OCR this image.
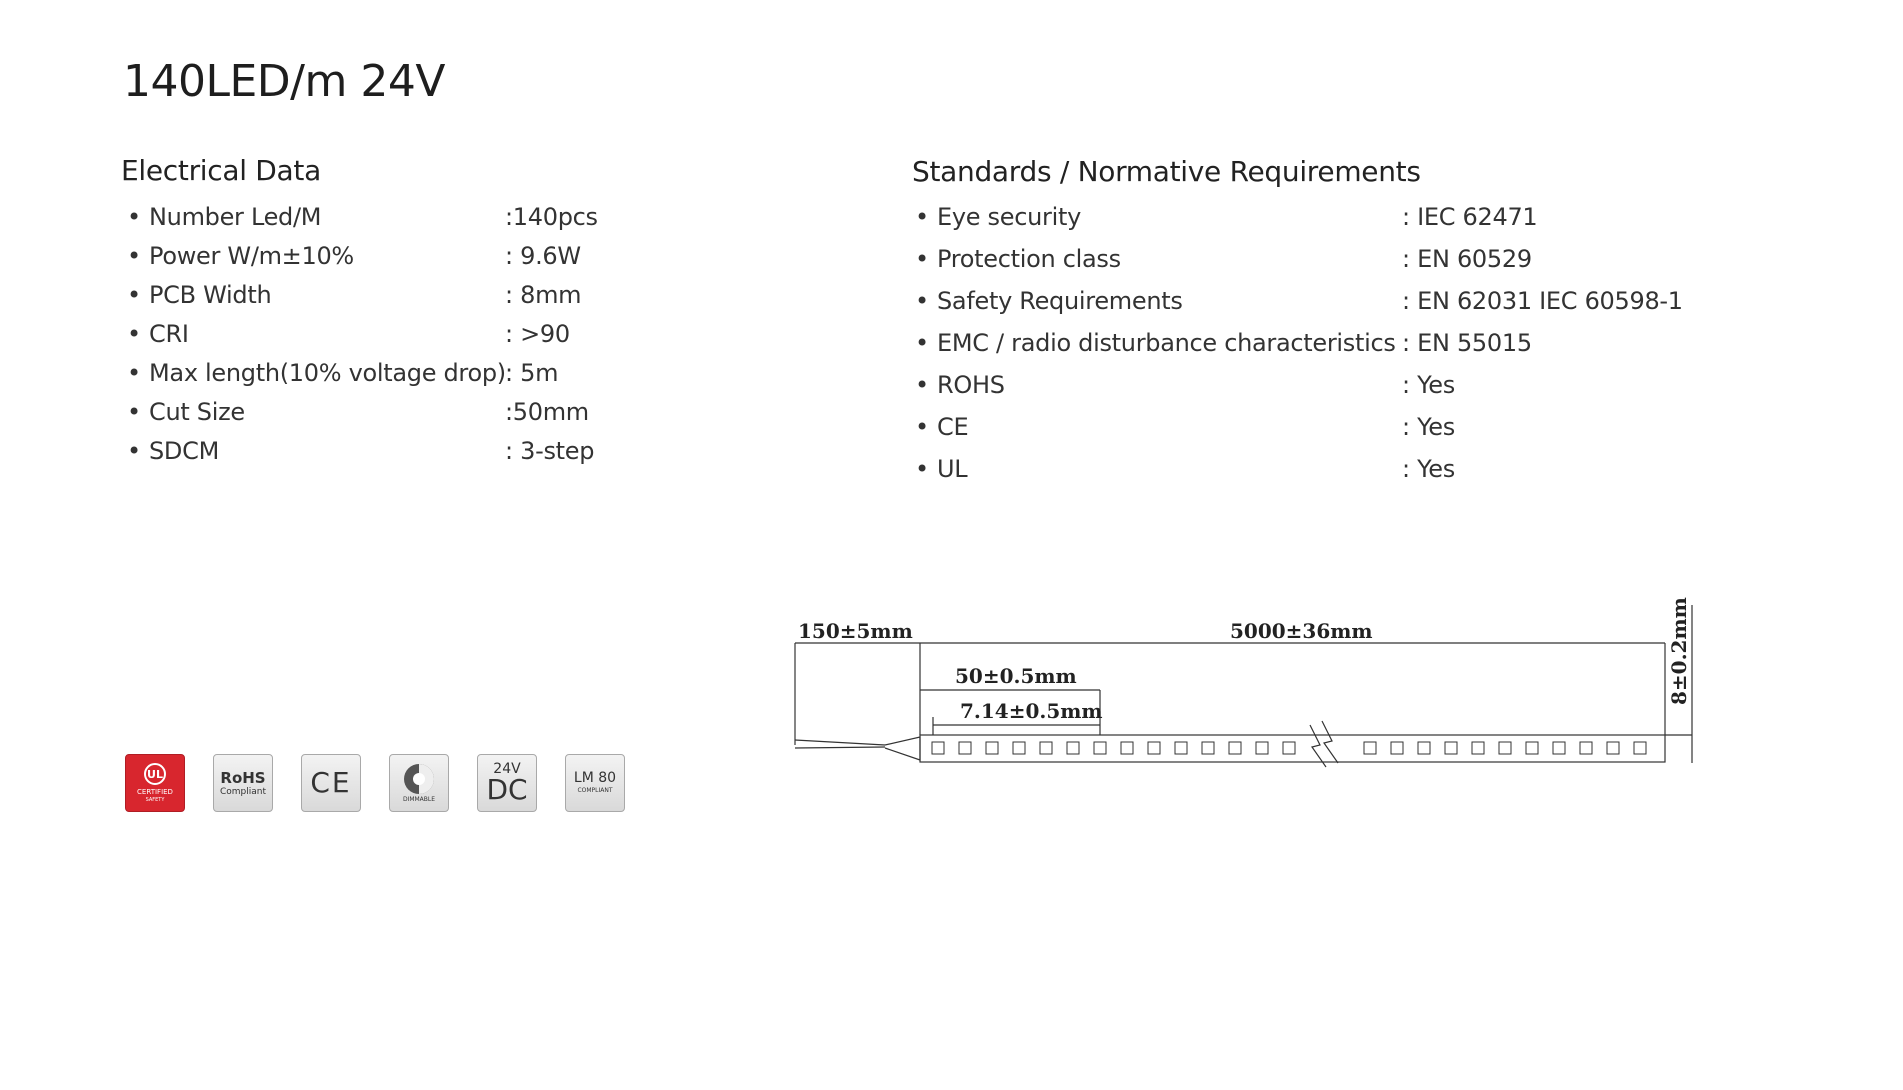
140LED/m 24V
Electrical Data
• Number Led/M	:140pcs
• Power W/m±10%	: 9.6W
• PCB Width	: 8mm
• CRI	: >90
• Max length(10% voltage drop) : 5m
• Cut Size	:50mm
• SDCM	: 3-step
Standards / Normative Requirements
• Eye security	: IEC 62471
• Protection class	: EN 60529
• Safety Requirements	: EN 62031 IEC 60598-1
• EMC / radio disturbance characteristics : EN 55015
• ROHS	: Yes
• CE	: Yes
• UL	: Yes
UL
CERTIFIED
SAFETY
RoHS
Compliant CE
DIMMABLE
24V
DC	LM 80
COMPLIANT
150±5mm	5000±36mm
50±0.5mm
7.14±0.5mm
8±0.2mm
